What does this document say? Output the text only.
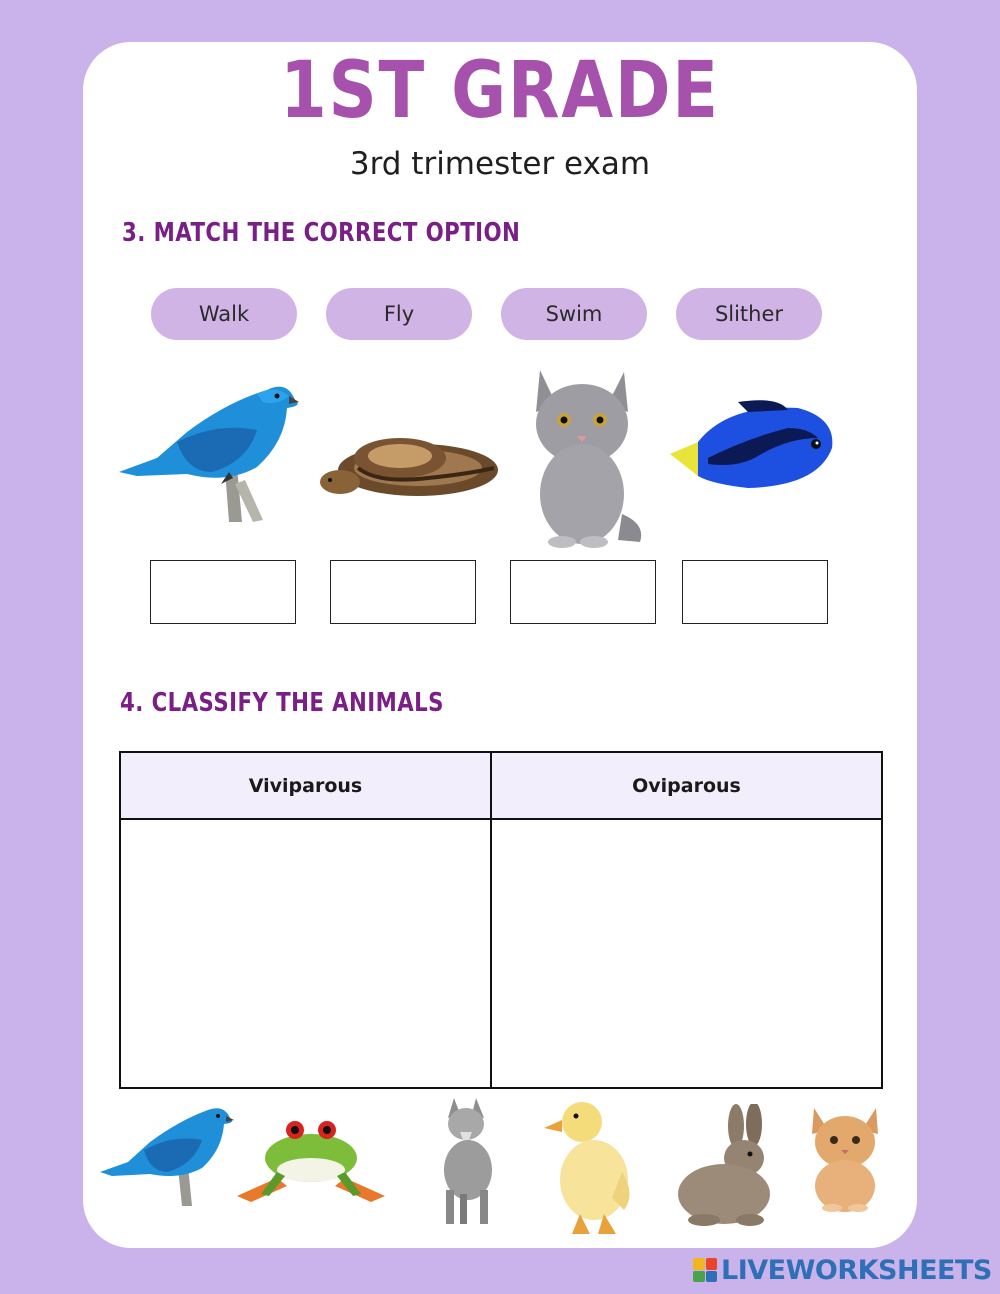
1ST GRADE
3rd trimester exam
3. MATCH THE CORRECT OPTION
Walk	Fly	Swim	Slither
4. CLASSIFY THE ANIMALS
Viviparous	Oviparous
LIVEWORKSHEETS
